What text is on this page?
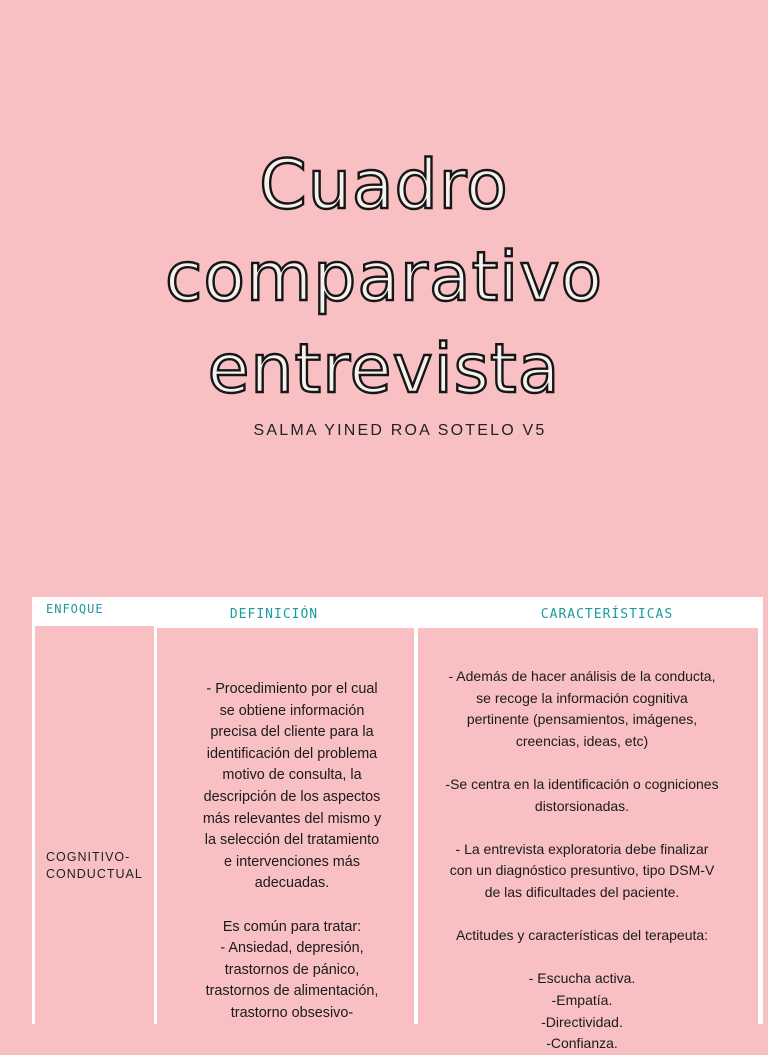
Cuadro
comparativo
entrevista
SALMA YINED ROA SOTELO V5
ENFOQUE	DEFINICIÓN	CARACTERÍSTICAS
COGNITIVO-
CONDUCTUAL
- Procedimiento por el cual
se obtiene información
precisa del cliente para la
identificación del problema
motivo de consulta, la
descripción de los aspectos
más relevantes del mismo y
la selección del tratamiento
e intervenciones más
adecuadas.
Es común para tratar:
- Ansiedad, depresión,
trastornos de pánico,
trastornos de alimentación,
trastorno obsesivo-
- Además de hacer análisis de la conducta,
se recoge la información cognitiva
pertinente (pensamientos, imágenes,
creencias, ideas, etc)
-Se centra en la identificación o cogniciones
distorsionadas.
- La entrevista exploratoria debe finalizar
con un diagnóstico presuntivo, tipo DSM-V
de las dificultades del paciente.
Actitudes y características del terapeuta:
- Escucha activa.
-Empatía.
-Directividad.
-Confianza.
